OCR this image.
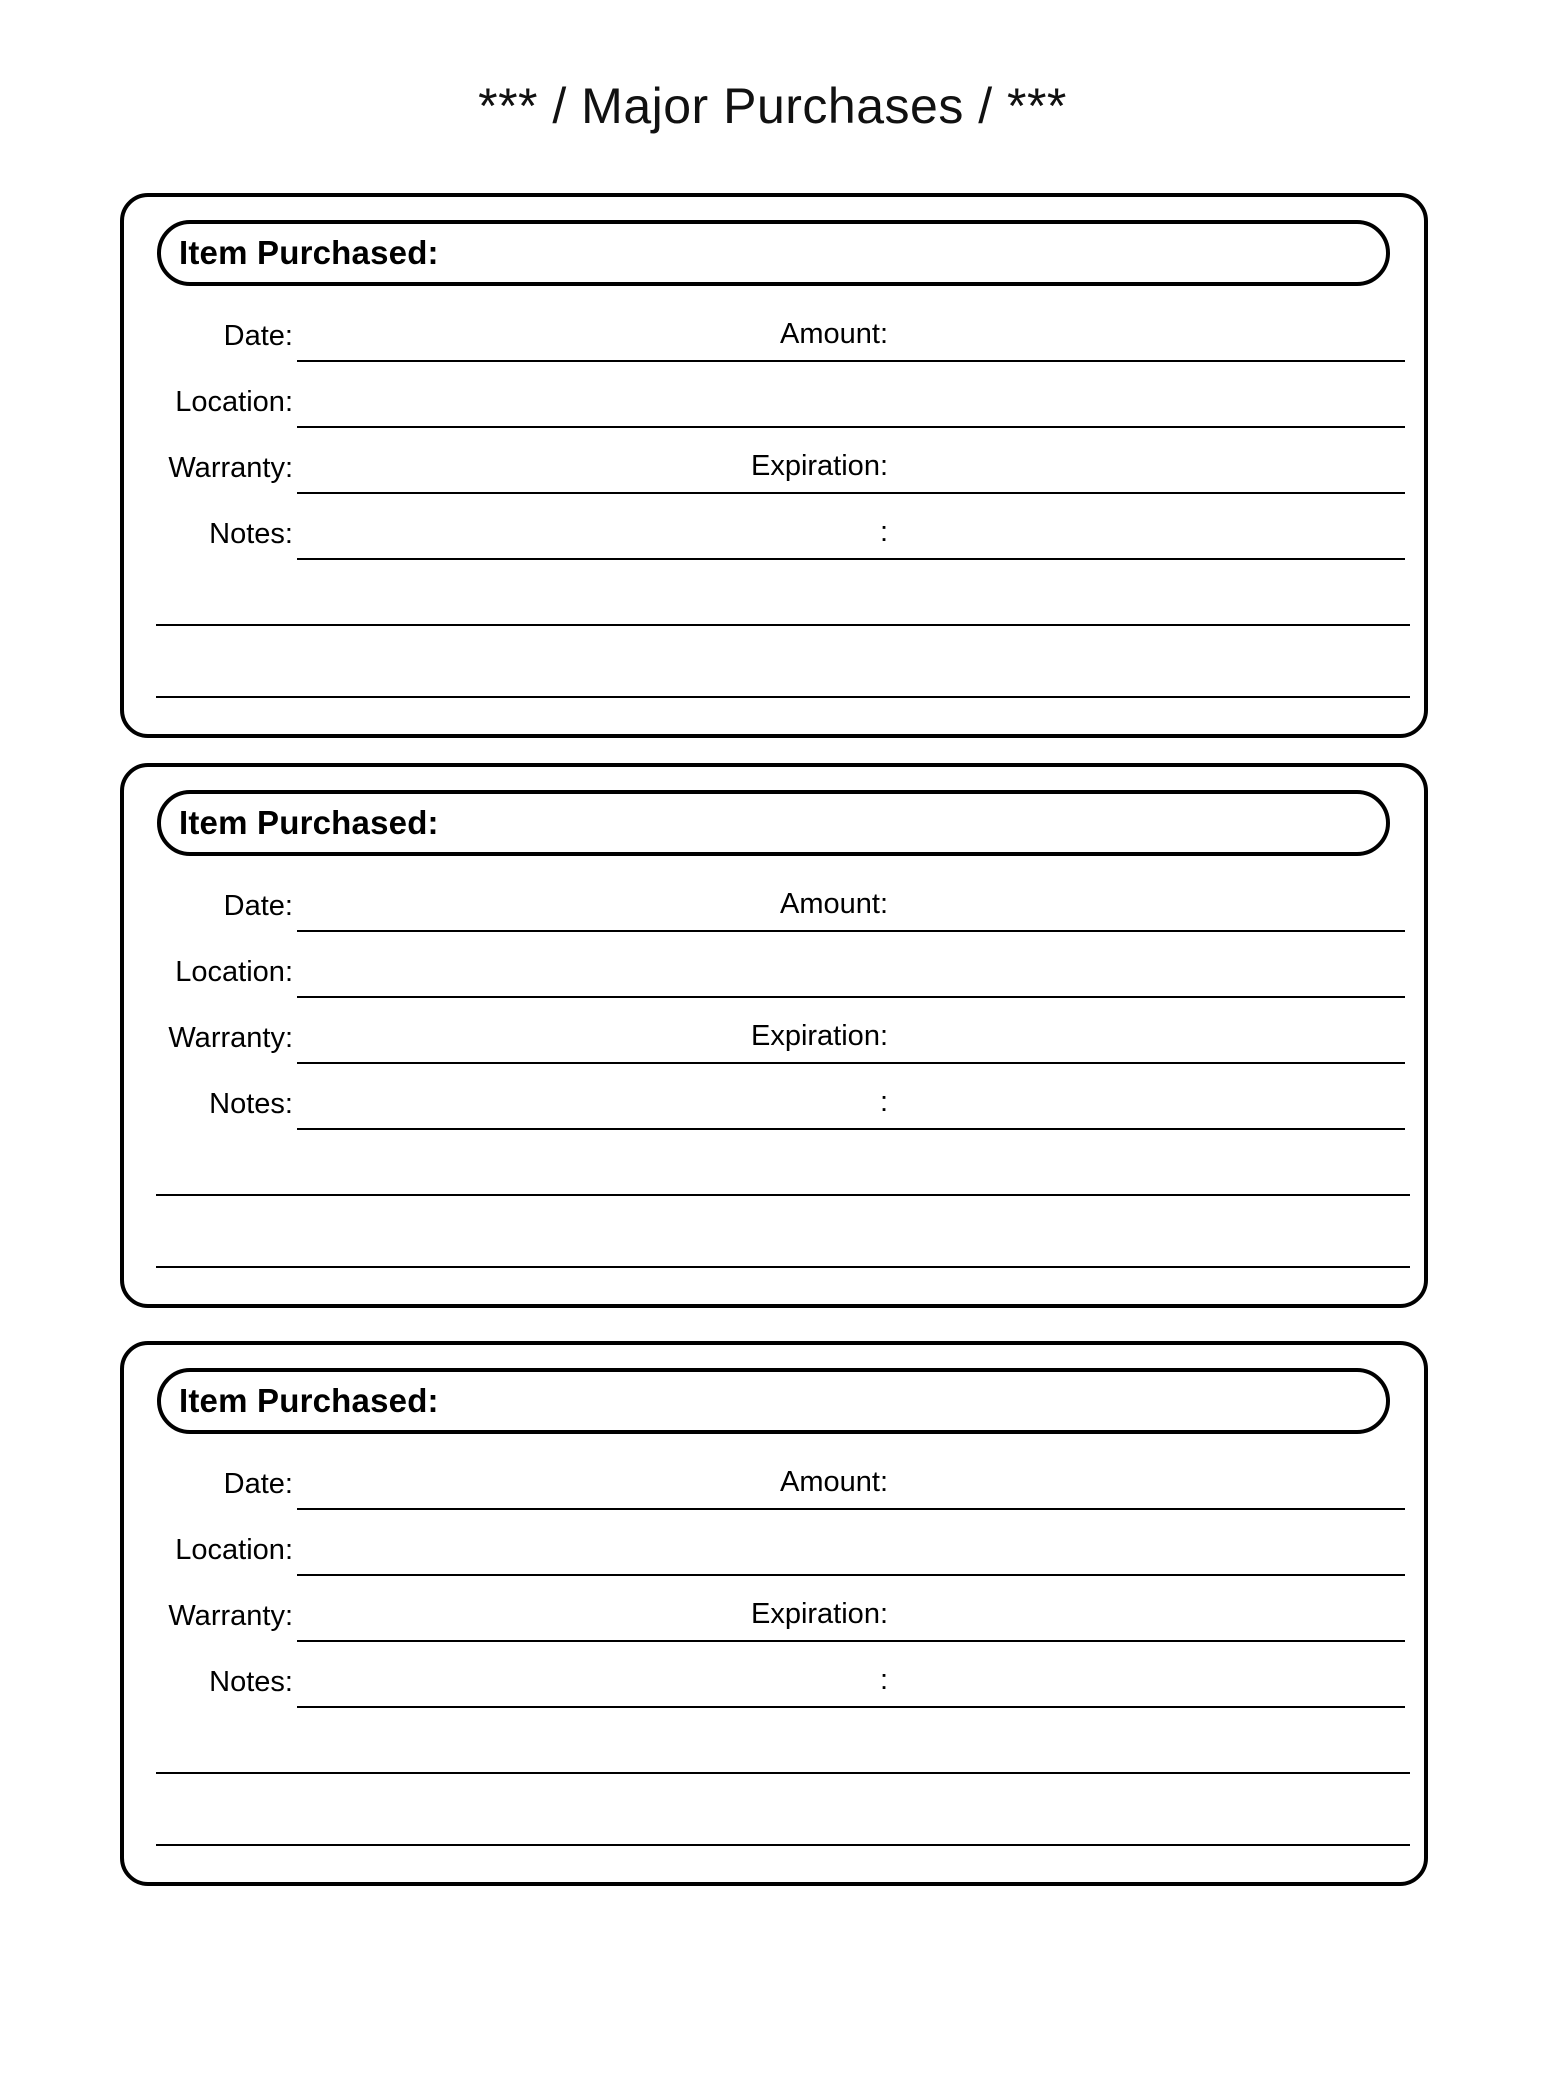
*** / Major Purchases / ***
Item Purchased:
Date:	Amount:
Location:
Warranty:	Expiration:
Notes:	:
Item Purchased:
Date:	Amount:
Location:
Warranty:	Expiration:
Notes:	:
Item Purchased:
Date:	Amount:
Location:
Warranty:	Expiration:
Notes:	:
